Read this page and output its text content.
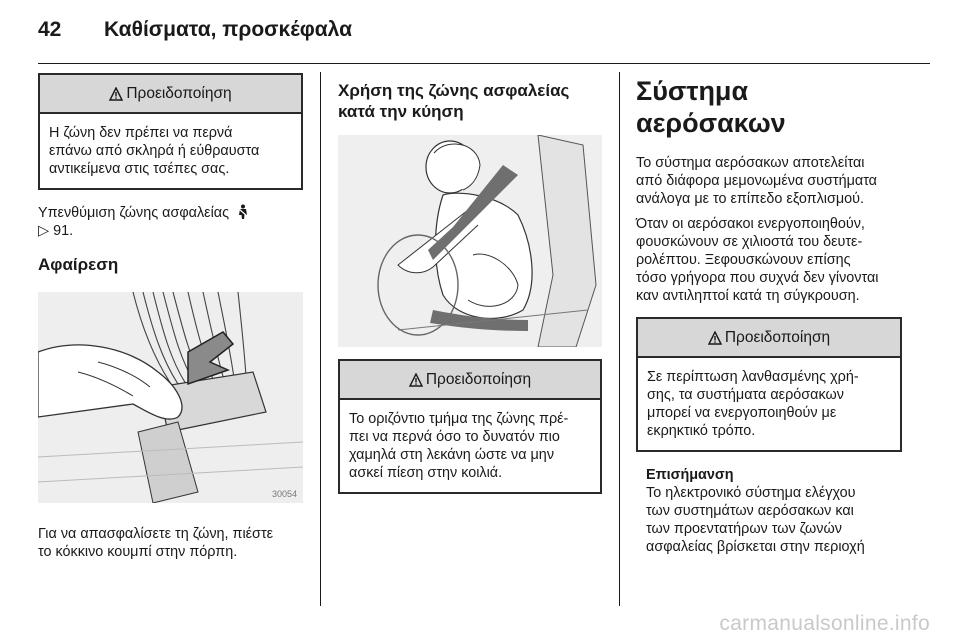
42 Καθίσματα, προσκέφαλα
Προειδοποίηση
Η ζώνη δεν πρέπει να περνά
επάνω από σκληρά ή εύθραυστα
αντικείμενα στις τσέπες σας.
Υπενθύμιση ζώνης ασφαλείας
▷ 91.
Αφαίρεση
30054
Για να απασφαλίσετε τη ζώνη, πιέστε
το κόκκινο κουμπί στην πόρπη.
Χρήση της ζώνης ασφαλείας
κατά την κύηση
Προειδοποίηση
Το οριζόντιο τμήμα της ζώνης πρέ-
πει να περνά όσο το δυνατόν πιο
χαμηλά στη λεκάνη ώστε να μην
ασκεί πίεση στην κοιλιά.
Σύστημα αερόσακων
Το σύστημα αερόσακων αποτελείται
από διάφορα μεμονωμένα συστήματα
ανάλογα με το επίπεδο εξοπλισμού.
Όταν οι αερόσακοι ενεργοποιηθούν,
φουσκώνουν σε χιλιοστά του δευτε-
ρολέπτου. Ξεφουσκώνουν επίσης
τόσο γρήγορα που συχνά δεν γίνονται
καν αντιληπτοί κατά τη σύγκρουση.
Προειδοποίηση
Σε περίπτωση λανθασμένης χρή-
σης, τα συστήματα αερόσακων
μπορεί να ενεργοποιηθούν με
εκρηκτικό τρόπο.
Επισήμανση
Το ηλεκτρονικό σύστημα ελέγχου
των συστημάτων αερόσακων και
των προεντατήρων των ζωνών
ασφαλείας βρίσκεται στην περιοχή
carmanualsonline.info
